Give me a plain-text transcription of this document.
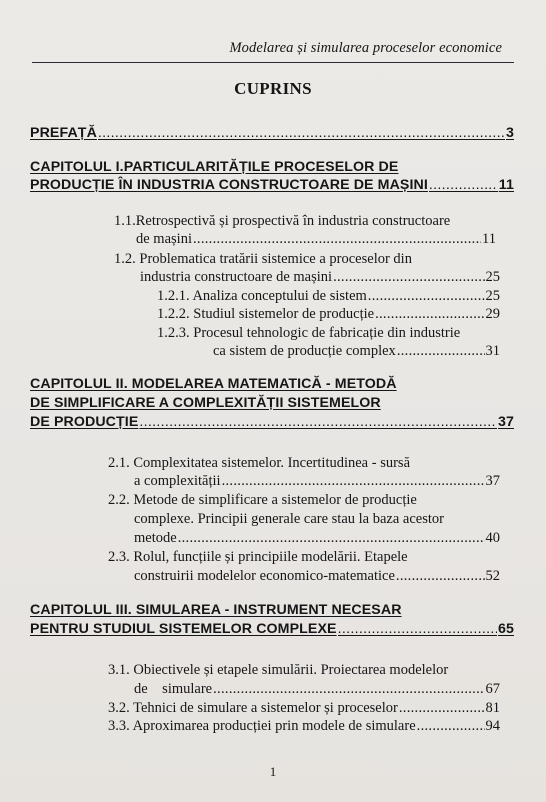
Modelarea și simularea proceselor economice
CUPRINS
PREFAȚĂ .....	3
CAPITOLUL I.PARTICULARITĂȚILE PROCESELOR DE
PRODUCȚIE ÎN INDUSTRIA CONSTRUCTOARE DE MAȘINI .....	11
1.1.Retrospectivă și prospectivă în industria constructoare
de mașini .....	11
1.2. Problematica tratării sistemice a proceselor din
industria constructoare de mașini .....	25
1.2.1. Analiza conceptului de sistem .....	25
1.2.2. Studiul sistemelor de producție .....	29
1.2.3. Procesul tehnologic de fabricație din industrie
ca sistem de producție complex .....	31
CAPITOLUL II. MODELAREA MATEMATICĂ - METODĂ
DE SIMPLIFICARE A COMPLEXITĂȚII SISTEMELOR
DE PRODUCȚIE .....	37
2.1. Complexitatea sistemelor. Incertitudinea - sursă
a complexității .....	37
2.2. Metode de simplificare a sistemelor de producție
complexe. Principii generale care stau la baza acestor
metode .....	40
2.3. Rolul, funcțiile și principiile modelării. Etapele
construirii modelelor economico-matematice .....	52
CAPITOLUL III. SIMULAREA - INSTRUMENT NECESAR
PENTRU STUDIUL SISTEMELOR COMPLEXE .....	65
3.1. Obiectivele și etapele simulării. Proiectarea modelelor
de    simulare .....	67
3.2. Tehnici de simulare a sistemelor și proceselor .....	81
3.3. Aproximarea producției prin modele de simulare .....	94
1
